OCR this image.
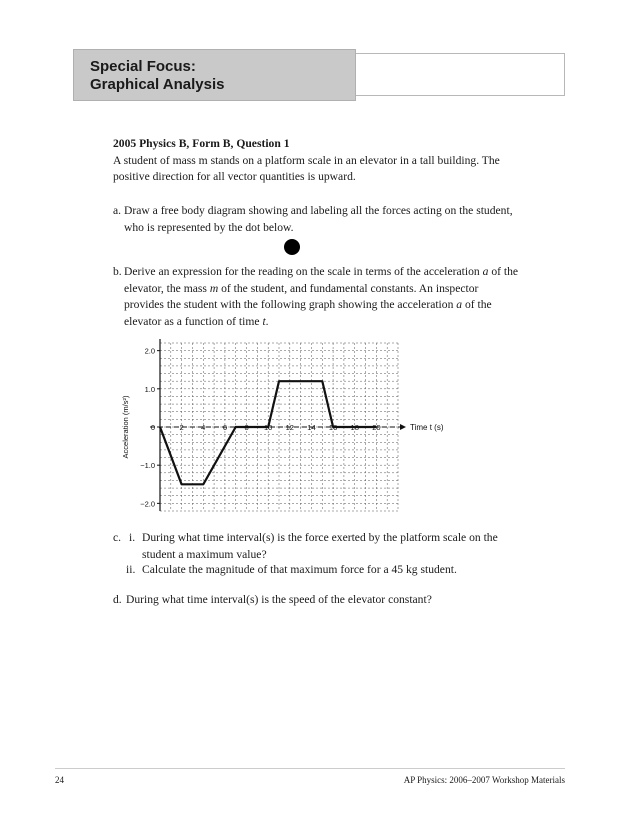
Special Focus:
Graphical Analysis
2005 Physics B, Form B, Question 1
A student of mass m stands on a platform scale in an elevator in a tall building. The
positive direction for all vector quantities is upward.
a. Draw a free body diagram showing and labeling all the forces acting on the student,
who is represented by the dot below.
b. Derive an expression for the reading on the scale in terms of the acceleration a of the
elevator, the mass m of the student, and fundamental constants. An inspector
provides the student with the following graph showing the acceleration a of the
elevator as a function of time t.
2.0
1.0
0
−1.0
−2.0
2 4 6 8 10 12 14 16 18 20	Time t (s)
Acceleration (m/s²)
c. i. During what time interval(s) is the force exerted by the platform scale on the
student a maximum value?
ii. Calculate the magnitude of that maximum force for a 45 kg student.
d. During what time interval(s) is the speed of the elevator constant?
24	AP Physics: 2006–2007 Workshop Materials
